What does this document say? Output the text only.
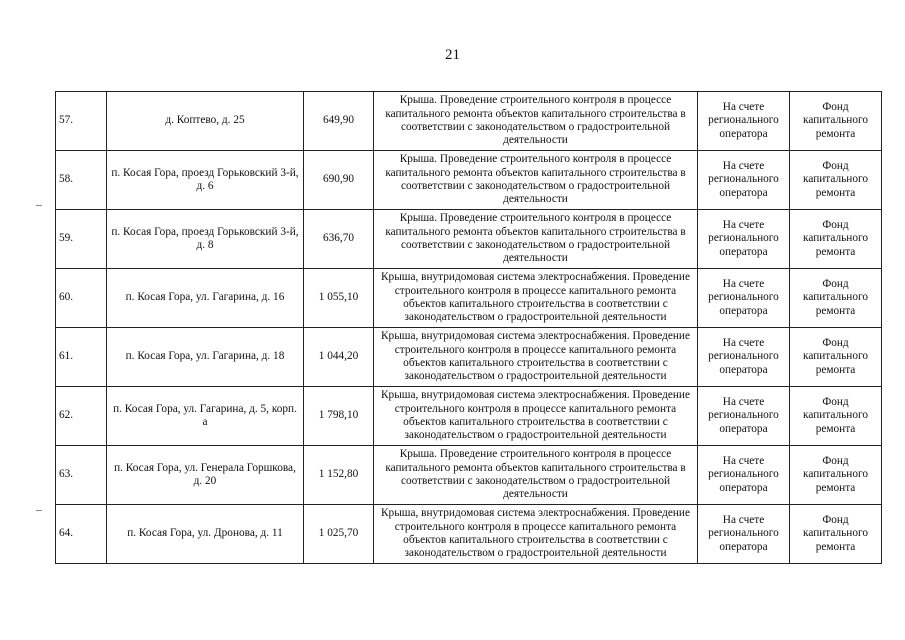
21
57.	д. Коптево, д. 25	649,90	Крыша. Проведение строительного контроля в процессе капитального ремонта объектов капитального строительства в соответствии с законодательством о градостроительной деятельности	На счете регионального оператора	Фонд капитального ремонта
58.	п. Косая Гора, проезд Горьковский 3-й, д. 6	690,90	Крыша. Проведение строительного контроля в процессе капитального ремонта объектов капитального строительства в соответствии с законодательством о градостроительной деятельности	На счете регионального оператора	Фонд капитального ремонта
59.	п. Косая Гора, проезд Горьковский 3-й, д. 8	636,70	Крыша. Проведение строительного контроля в процессе капитального ремонта объектов капитального строительства в соответствии с законодательством о градостроительной деятельности	На счете регионального оператора	Фонд капитального ремонта
60.	п. Косая Гора, ул. Гагарина, д. 16	1 055,10	Крыша, внутридомовая система электроснабжения. Проведение строительного контроля в процессе капитального ремонта объектов капитального строительства в соответствии с законодательством о градостроительной деятельности	На счете регионального оператора	Фонд капитального ремонта
61.	п. Косая Гора, ул. Гагарина, д. 18	1 044,20	Крыша, внутридомовая система электроснабжения. Проведение строительного контроля в процессе капитального ремонта объектов капитального строительства в соответствии с законодательством о градостроительной деятельности	На счете регионального оператора	Фонд капитального ремонта
62.	п. Косая Гора, ул. Гагарина, д. 5, корп. а	1 798,10	Крыша, внутридомовая система электроснабжения. Проведение строительного контроля в процессе капитального ремонта объектов капитального строительства в соответствии с законодательством о градостроительной деятельности	На счете регионального оператора	Фонд капитального ремонта
63.	п. Косая Гора, ул. Генерала Горшкова, д. 20	1 152,80	Крыша. Проведение строительного контроля в процессе капитального ремонта объектов капитального строительства в соответствии с законодательством о градостроительной деятельности	На счете регионального оператора	Фонд капитального ремонта
64.	п. Косая Гора, ул. Дронова, д. 11	1 025,70	Крыша, внутридомовая система электроснабжения. Проведение строительного контроля в процессе капитального ремонта объектов капитального строительства в соответствии с законодательством о градостроительной деятельности	На счете регионального оператора	Фонд капитального ремонта
